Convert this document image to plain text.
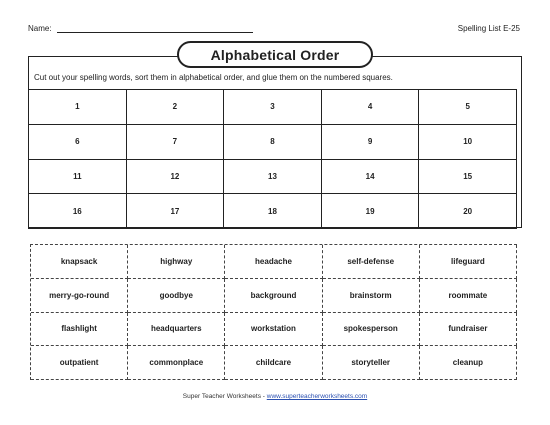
Name:	Spelling List E-25
Alphabetical Order
Cut out your spelling words, sort them in alphabetical order, and glue them on the numbered squares.
1	2	3	4	5
6	7	8	9	10
11	12	13	14	15
16	17	18	19	20
knapsack	highway	headache	self-defense	lifeguard
merry-go-round	goodbye	background	brainstorm	roommate
flashlight	headquarters	workstation	spokesperson	fundraiser
outpatient	commonplace	childcare	storyteller	cleanup
Super Teacher Worksheets - www.superteacherworksheets.com
